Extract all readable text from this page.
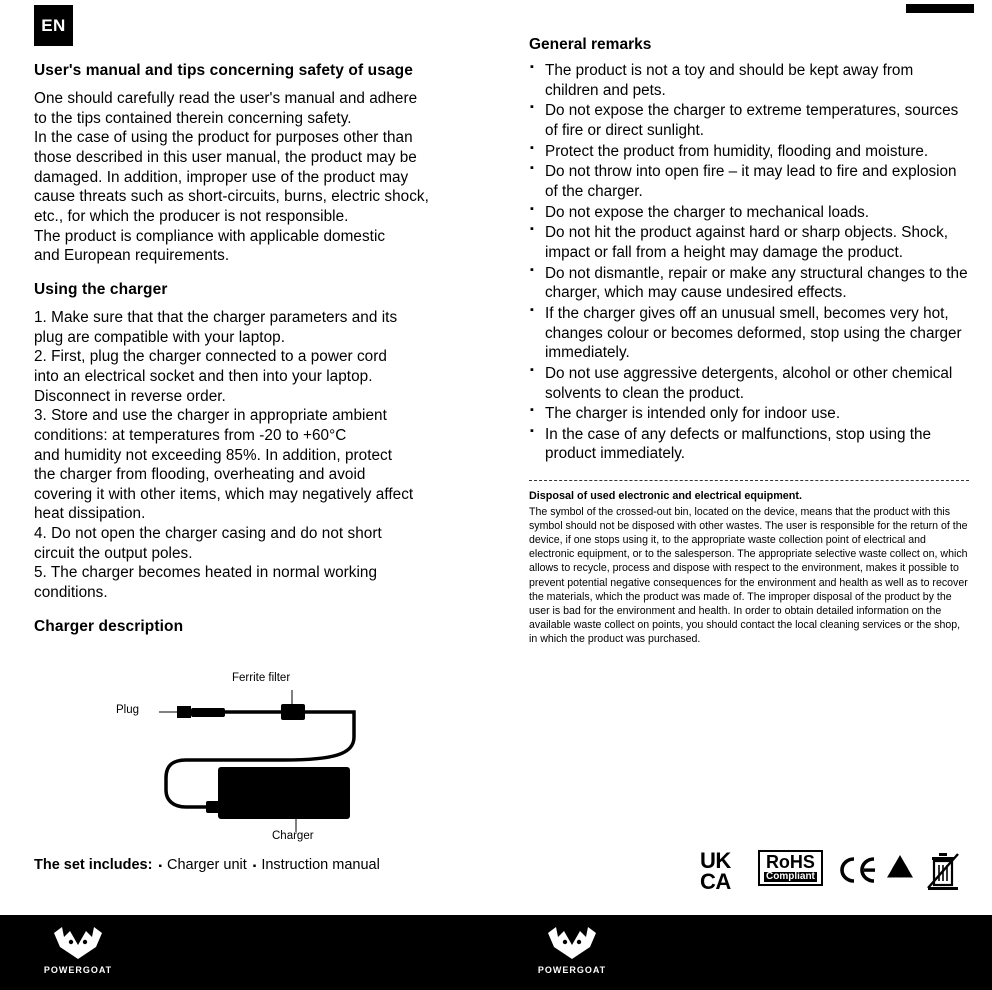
EN
User's manual and tips concerning safety of usage

One should carefully read the user's manual and adhere

to the tips contained therein concerning safety.

In the case of using the product for purposes other than

those described in this user manual, the product may be

damaged. In addition, improper use of the product may

cause threats such as short-circuits, burns, electric shock,

etc., for which the producer is not responsible.

The product is compliance with applicable domestic

and European requirements.

Using the charger

1. Make sure that that the charger parameters and its

plug are compatible with your laptop.

2. First, plug the charger connected to a power cord

into an electrical socket and then into your laptop.

Disconnect in reverse order.

3. Store and use the charger in appropriate ambient

conditions: at temperatures from -20 to +60°C

and humidity not exceeding 85%. In addition, protect

the charger from flooding, overheating and avoid

covering it with other items, which may negatively affect

heat dissipation.

4. Do not open the charger casing and do not short

circuit the output poles.

5. The charger becomes heated in normal working

conditions.

Charger description
Ferrite filter
Plug
Charger
The set includes: ▪ Charger unit ▪ Instruction manual
General remarks
▪ The product is not a toy and should be kept away from children and pets.
▪ Do not expose the charger to extreme temperatures, sources of fire or direct sunlight.
▪ Protect the product from humidity, flooding and moisture.
▪ Do not throw into open fire – it may lead to fire and explosion of the charger.
▪ Do not expose the charger to mechanical loads.
▪ Do not hit the product against hard or sharp objects. Shock, impact or fall from a height may damage the product.
▪ Do not dismantle, repair or make any structural changes to the charger, which may cause undesired effects.
▪ If the charger gives off an unusual smell, becomes very hot, changes colour or becomes deformed, stop using the charger immediately.
▪ Do not use aggressive detergents, alcohol or other chemical solvents to clean the product.
▪ The charger is intended only for indoor use.
▪ In the case of any defects or malfunctions, stop using the product immediately.

Disposal of used electronic and electrical equipment.

The symbol of the crossed-out bin, located on the device, means that the product with this symbol should not be disposed with other wastes. The user is responsible for the return of the device, if one stops using it, to the appropriate waste collection point of electrical and electronic equipment, or to the salesperson. The appropriate selective waste collect on, which allows to recycle, process and dispose with respect to the environment, makes it possible to prevent potential negative consequences for the environment and health as well as to recover the materials, which the product was made of. The improper disposal of the product by the user is bad for the environment and health. In order to obtain detailed information on the available waste collect on points, you should contact the local cleaning services or the shop, in which the product was purchased.

UK
CA
RoHS
Compliant
POWERGOAT	POWERGOAT
